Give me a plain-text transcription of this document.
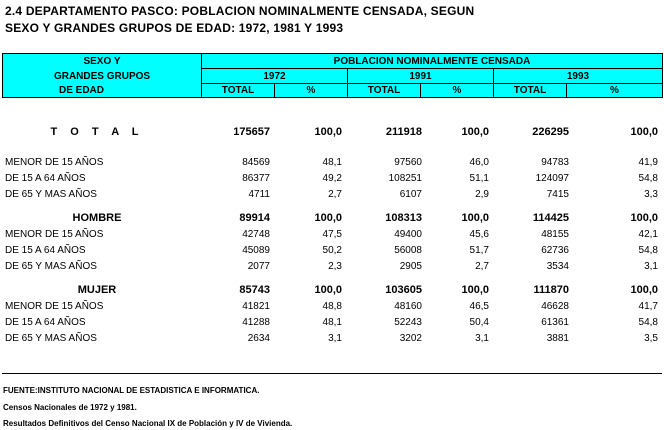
2.4 DEPARTAMENTO PASCO: POBLACION NOMINALMENTE CENSADA, SEGUN
SEXO Y GRANDES GRUPOS DE EDAD: 1972, 1981 Y 1993
SEXO Y	POBLACION NOMINALMENTE CENSADA					
GRANDES GRUPOS	1972		1991		1993	
DE EDAD	TOTAL	%	TOTAL	%	TOTAL	%
T O T A L	175657	100,0	211918	100,0	226295	100,0

MENOR DE 15 AÑOS	84569	48,1	97560	46,0	94783	41,9
DE 15 A 64 AÑOS	86377	49,2	108251	51,1	124097	54,8
DE 65 Y MAS AÑOS	4711	2,7	6107	2,9	7415	3,3

HOMBRE	89914	100,0	108313	100,0	114425	100,0
MENOR DE 15 AÑOS	42748	47,5	49400	45,6	48155	42,1
DE 15 A 64 AÑOS	45089	50,2	56008	51,7	62736	54,8
DE 65 Y MAS AÑOS	2077	2,3	2905	2,7	3534	3,1

MUJER	85743	100,0	103605	100,0	111870	100,0
MENOR DE 15 AÑOS	41821	48,8	48160	46,5	46628	41,7
DE 15 A 64 AÑOS	41288	48,1	52243	50,4	61361	54,8
DE 65 Y MAS AÑOS	2634	3,1	3202	3,1	3881	3,5
FUENTE:INSTITUTO NACIONAL DE ESTADISTICA E INFORMATICA.
Censos Nacionales de 1972 y 1981.
Resultados Definitivos del Censo Nacional IX de Población y IV de Vivienda.
